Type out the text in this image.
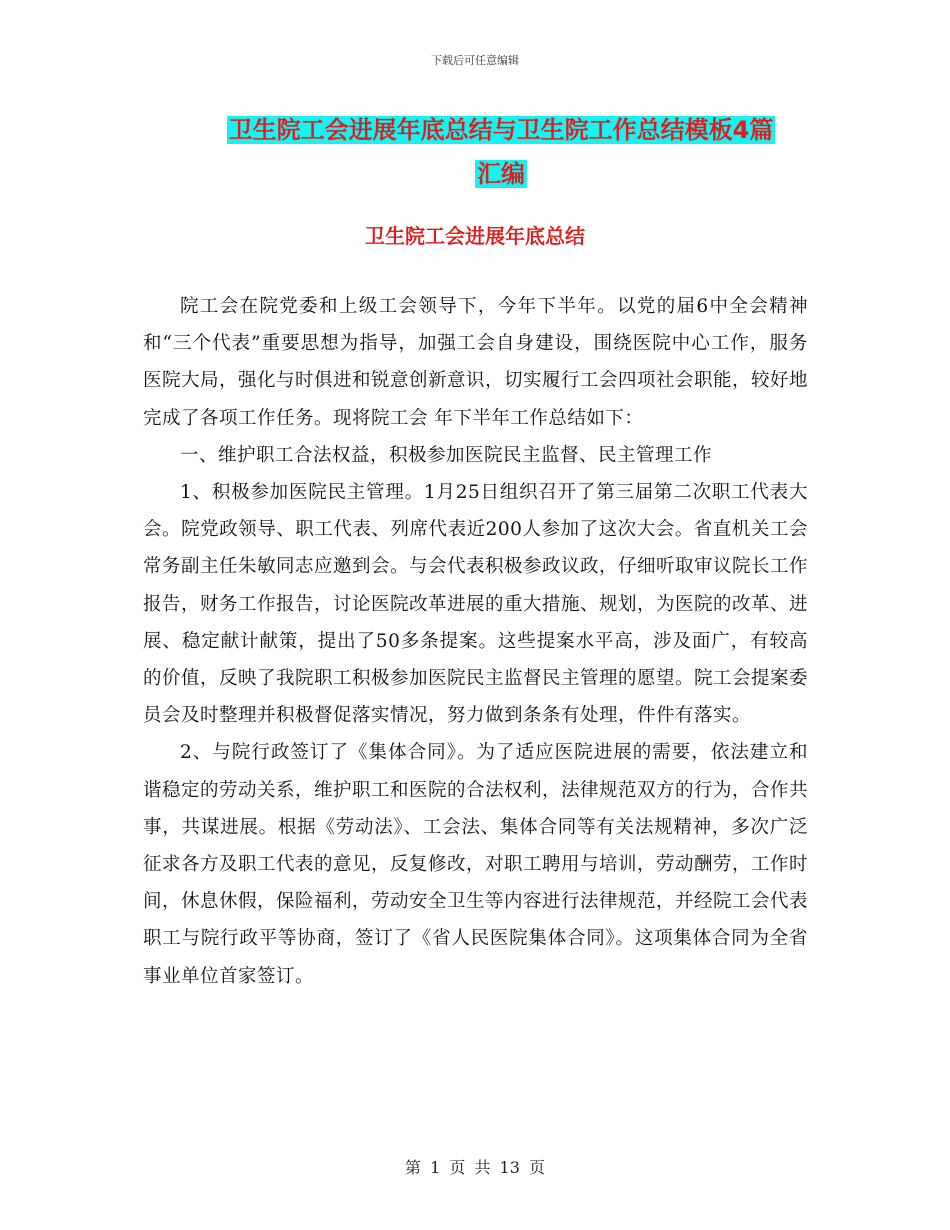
下载后可任意编辑
卫生院工会进展年底总结与卫生院工作总结模板4篇
汇编
卫生院工会进展年底总结

院工会在院党委和上级工会领导下，今年下半年。以党的届6中全会精神和“三个代表”重要思想为指导，加强工会自身建设，围绕医院中心工作，服务医院大局，强化与时俱进和锐意创新意识，切实履行工会四项社会职能，较好地完成了各项工作任务。现将院工会 年下半年工作总结如下：

一、维护职工合法权益，积极参加医院民主监督、民主管理工作

1、积极参加医院民主管理。1月25日组织召开了第三届第二次职工代表大会。院党政领导、职工代表、列席代表近200人参加了这次大会。省直机关工会常务副主任朱敏同志应邀到会。与会代表积极参政议政，仔细听取审议院长工作报告，财务工作报告，讨论医院改革进展的重大措施、规划，为医院的改革、进展、稳定献计献策，提出了50多条提案。这些提案水平高，涉及面广，有较高的价值，反映了我院职工积极参加医院民主监督民主管理的愿望。院工会提案委员会及时整理并积极督促落实情况，努力做到条条有处理，件件有落实。

2、与院行政签订了《集体合同》。为了适应医院进展的需要，依法建立和谐稳定的劳动关系，维护职工和医院的合法权利，法律规范双方的行为，合作共事，共谋进展。根据《劳动法》、工会法、集体合同等有关法规精神，多次广泛征求各方及职工代表的意见，反复修改，对职工聘用与培训，劳动酬劳，工作时间，休息休假，保险福利，劳动安全卫生等内容进行法律规范，并经院工会代表职工与院行政平等协商，签订了《省人民医院集体合同》。这项集体合同为全省事业单位首家签订。

第 1 页 共 13 页
